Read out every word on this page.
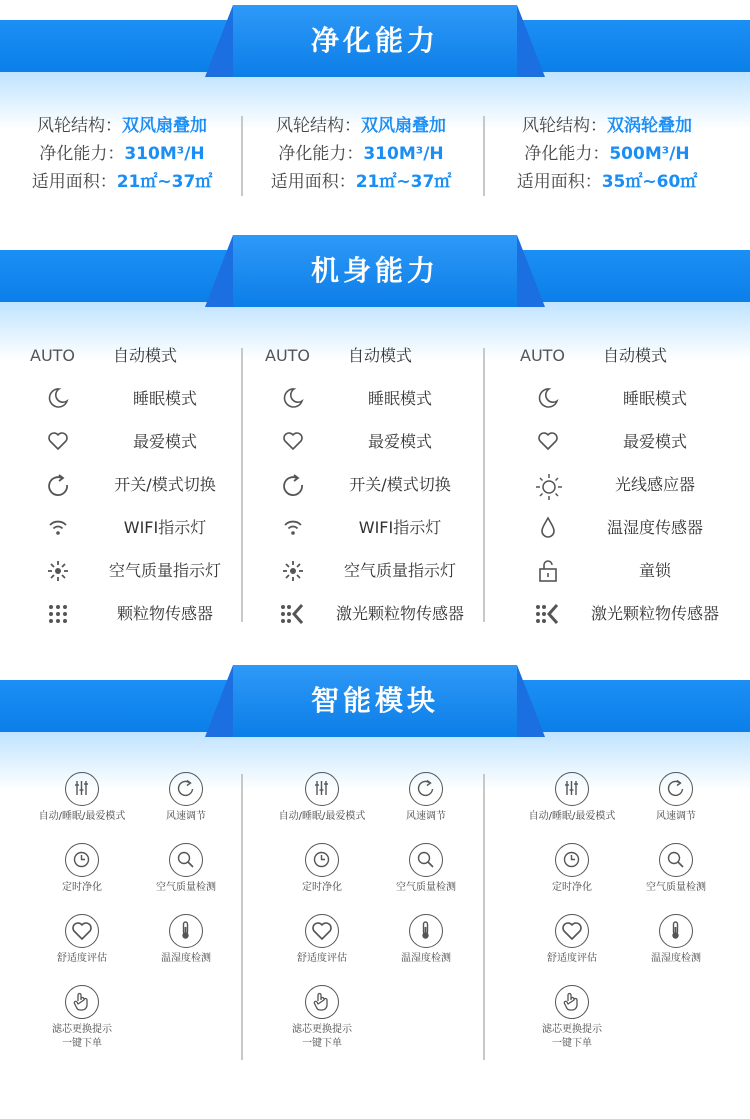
净化能力
机身能力
智能模块
风轮结构：双风扇叠加
净化能力：310M³/H
适用面积：21㎡~37㎡
风轮结构：双风扇叠加
净化能力：310M³/H
适用面积：21㎡~37㎡
风轮结构：双涡轮叠加
净化能力：500M³/H
适用面积：35㎡~60㎡
AUTO	自动模式
睡眠模式
最爱模式
开关/模式切换
WIFI指示灯
空气质量指示灯
颗粒物传感器
AUTO	自动模式
睡眠模式
最爱模式
开关/模式切换
WIFI指示灯
空气质量指示灯
激光颗粒物传感器
AUTO	自动模式
睡眠模式
最爱模式
光线感应器
温湿度传感器
童锁
激光颗粒物传感器
自动/睡眠/最爱模式	风速调节
定时净化	空气质量检测
舒适度评估	温湿度检测
滤芯更换提示
一键下单
自动/睡眠/最爱模式	风速调节
定时净化	空气质量检测
舒适度评估	温湿度检测
滤芯更换提示
一键下单
自动/睡眠/最爱模式	风速调节
定时净化	空气质量检测
舒适度评估	温湿度检测
滤芯更换提示
一键下单
